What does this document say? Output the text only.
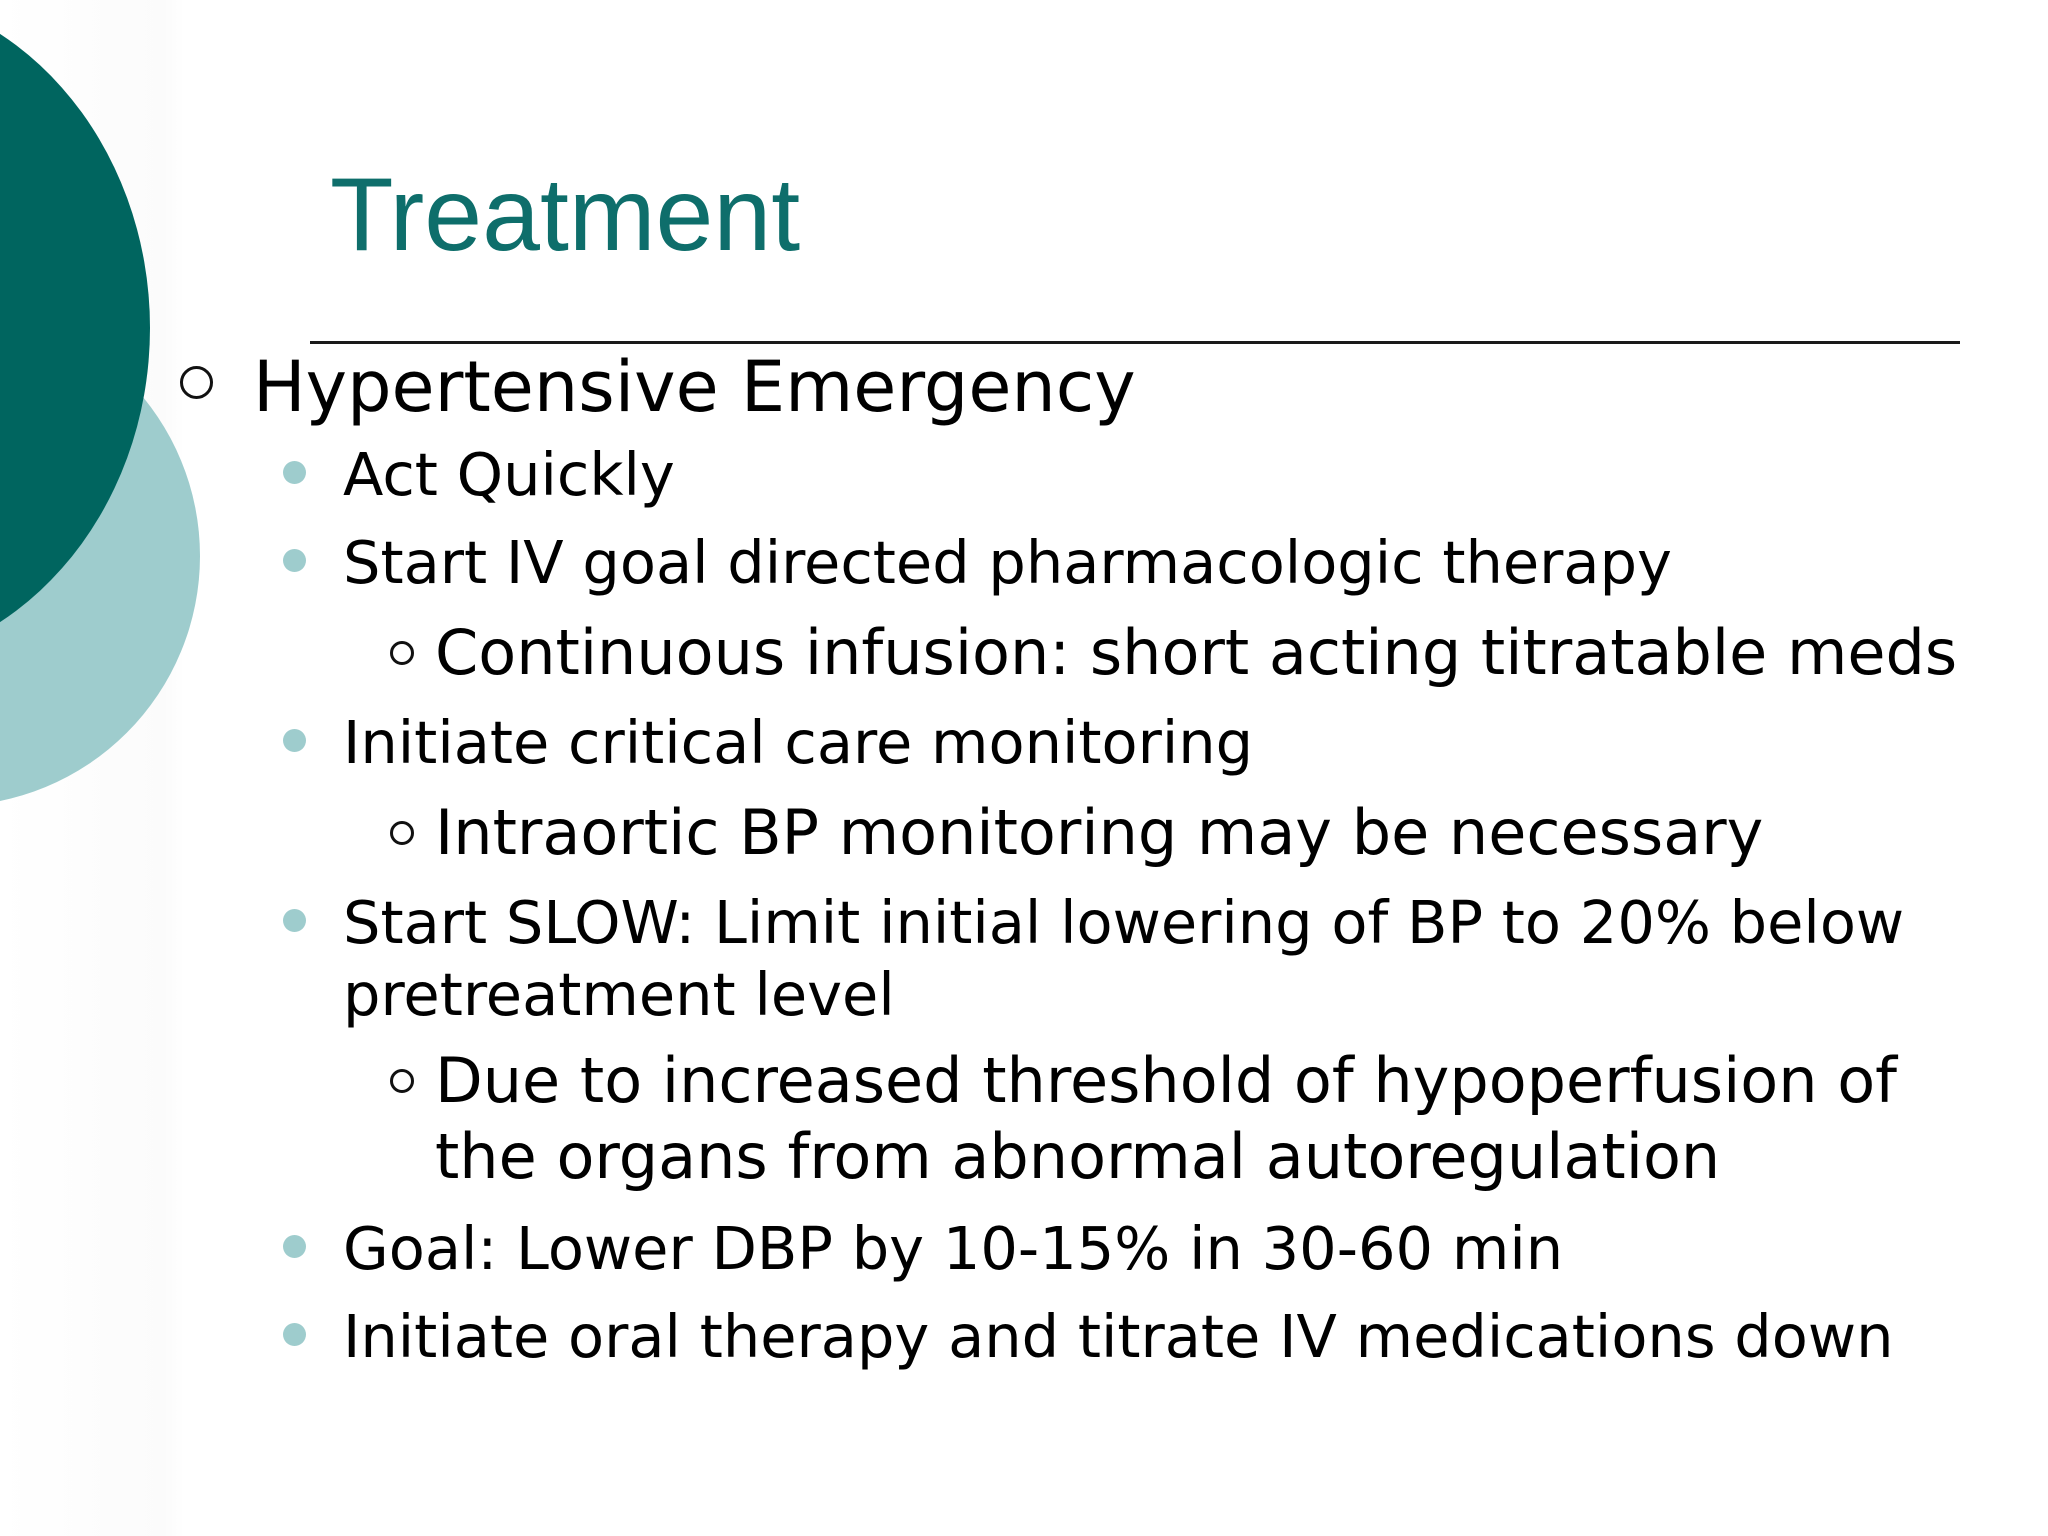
Treatment

Hypertensive Emergency

Act Quickly

Start IV goal directed pharmacologic therapy

Continuous infusion: short acting titratable meds

Initiate critical care monitoring

Intraortic BP monitoring may be necessary

Start SLOW: Limit initial lowering of BP to 20% below

pretreatment level

Due to increased threshold of hypoperfusion of

the organs from abnormal autoregulation

Goal: Lower DBP by 10-15% in 30-60 min

Initiate oral therapy and titrate IV medications down
